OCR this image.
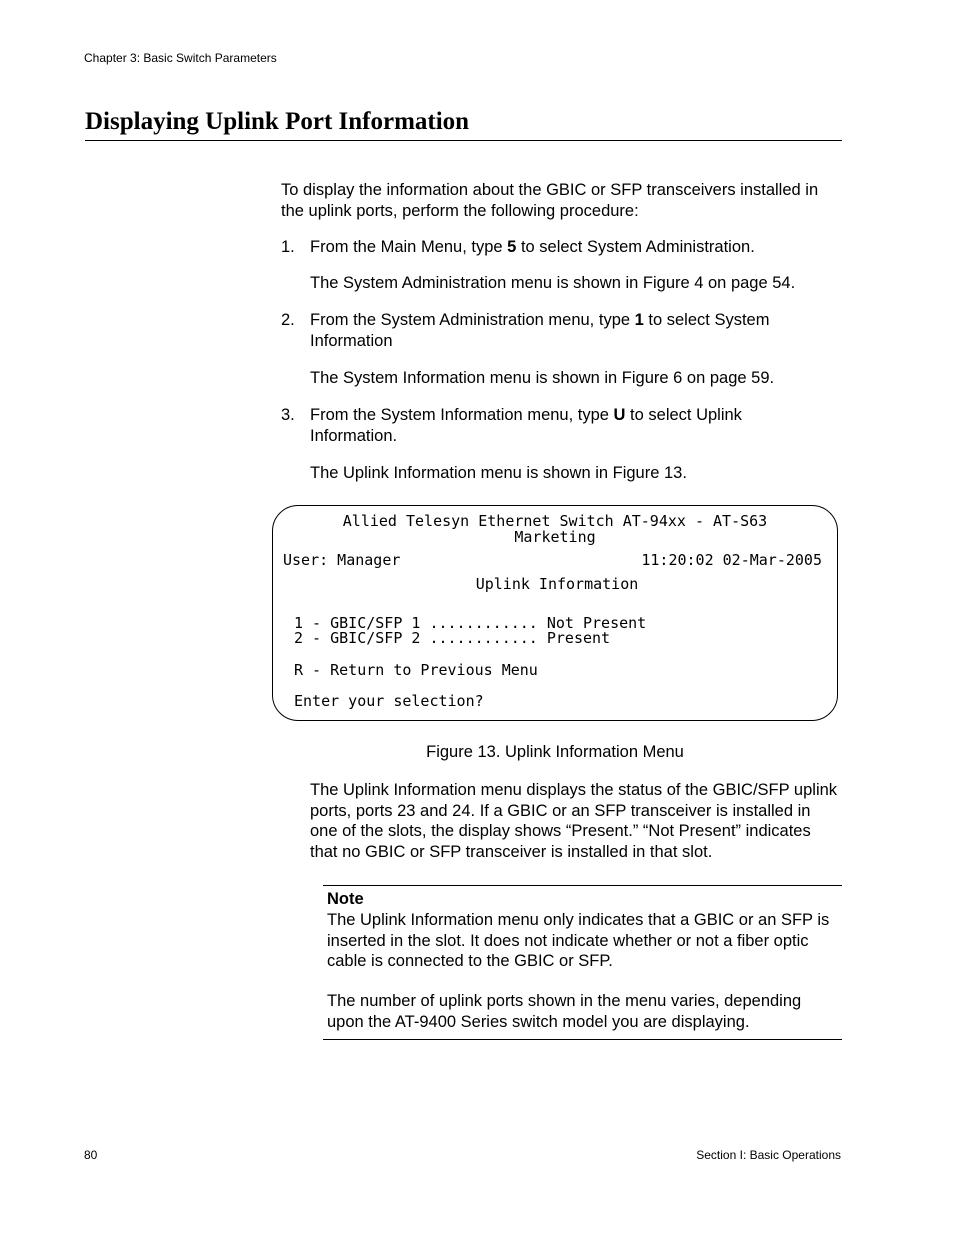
Chapter 3: Basic Switch Parameters
Displaying Uplink Port Information
To display the information about the GBIC or SFP transceivers installed in the uplink ports, perform the following procedure:
1. From the Main Menu, type 5 to select System Administration.
The System Administration menu is shown in Figure 4 on page 54.
2. From the System Administration menu, type 1 to select System Information
The System Information menu is shown in Figure 6 on page 59.
3. From the System Information menu, type U to select Uplink Information.
The Uplink Information menu is shown in Figure 13.
Allied Telesyn Ethernet Switch AT-94xx - AT-S63
Marketing
User: Manager	11:20:02 02-Mar-2005
Uplink Information
1 - GBIC/SFP 1 ............ Not Present
2 - GBIC/SFP 2 ............ Present
R - Return to Previous Menu
Enter your selection?
Figure 13. Uplink Information Menu
The Uplink Information menu displays the status of the GBIC/SFP uplink ports, ports 23 and 24. If a GBIC or an SFP transceiver is installed in one of the slots, the display shows “Present.” “Not Present” indicates that no GBIC or SFP transceiver is installed in that slot.
Note
The Uplink Information menu only indicates that a GBIC or an SFP is inserted in the slot. It does not indicate whether or not a fiber optic cable is connected to the GBIC or SFP.
The number of uplink ports shown in the menu varies, depending upon the AT-9400 Series switch model you are displaying.
80	Section I: Basic Operations
